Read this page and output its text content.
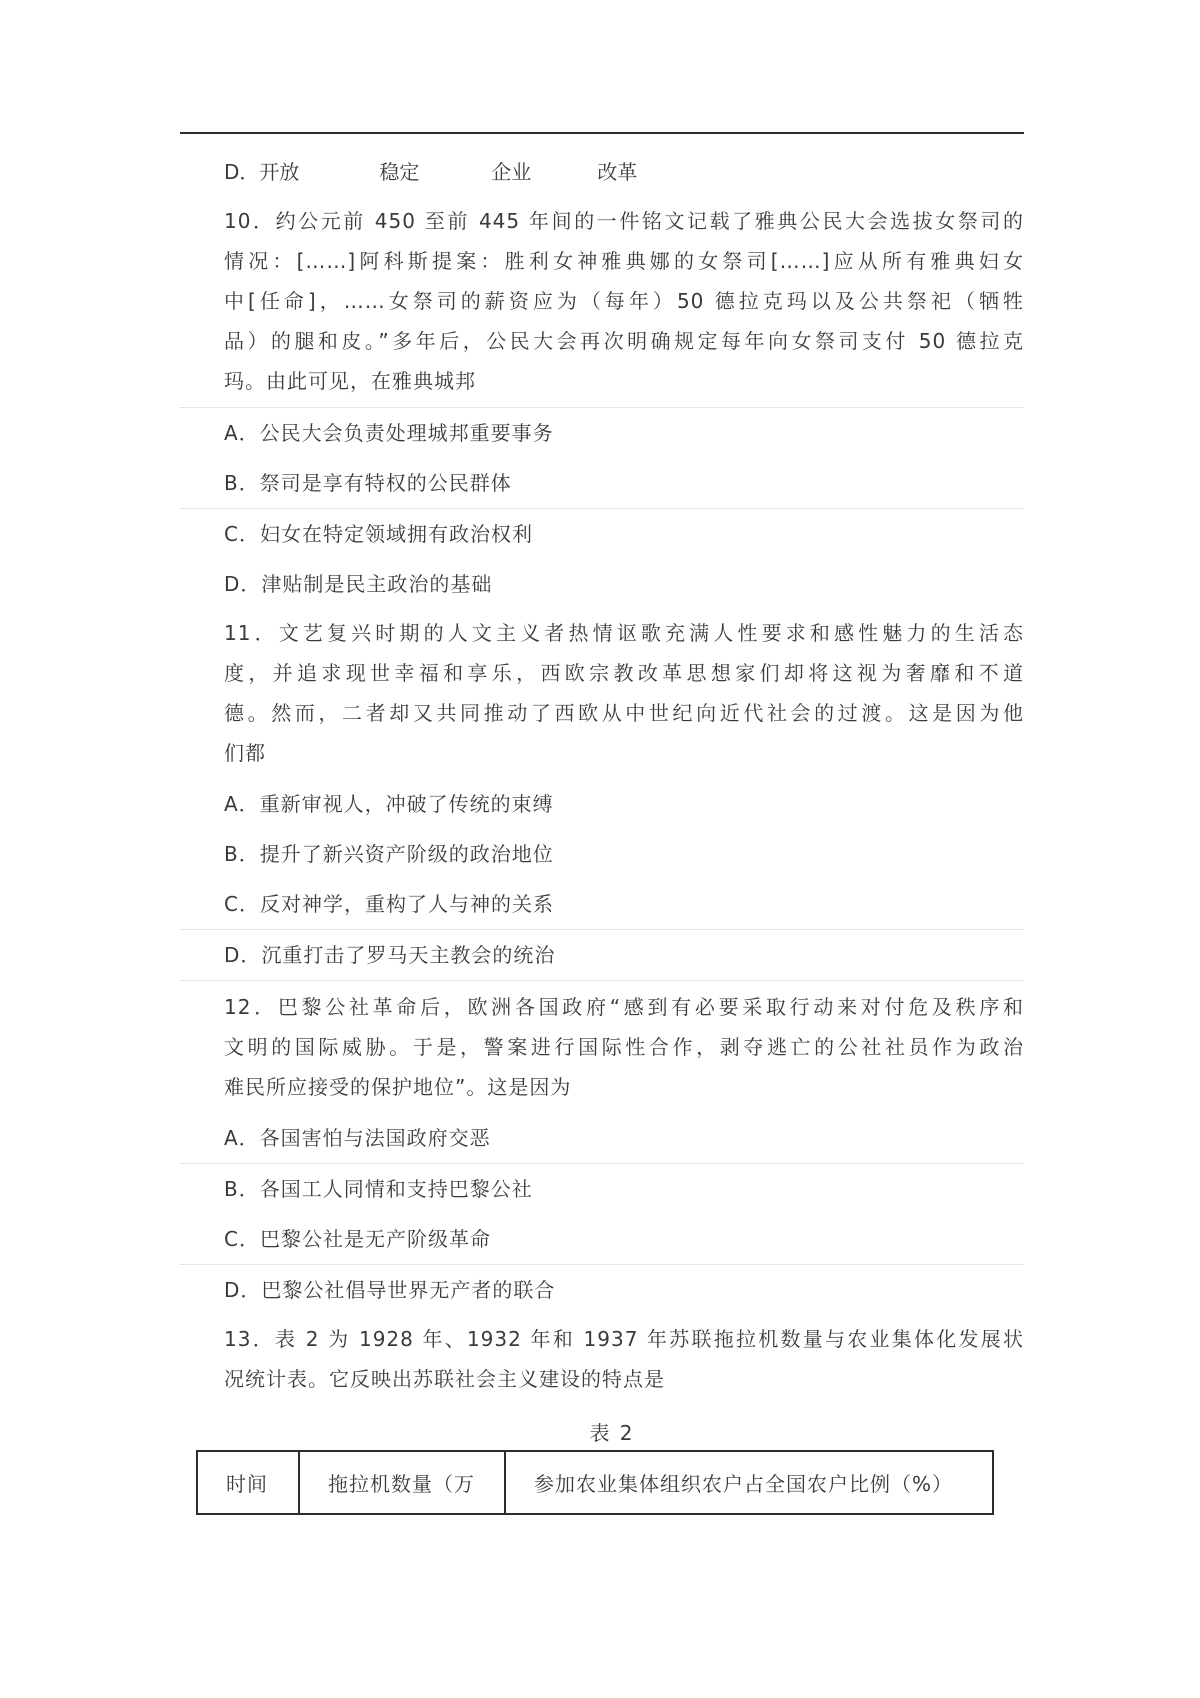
D． 开放	稳定	企业	改革
10．约公元前 450 至前 445 年间的一件铭文记载了雅典公民大会选拔女祭司的
情况：[……]阿科斯提案：胜利女神雅典娜的女祭司[……]应从所有雅典妇女
中[任命]，……女祭司的薪资应为（每年）50 德拉克玛以及公共祭祀（牺牲
品）的腿和皮。”多年后，公民大会再次明确规定每年向女祭司支付 50 德拉克
玛。由此可见，在雅典城邦
A．公民大会负责处理城邦重要事务
B．祭司是享有特权的公民群体
C．妇女在特定领域拥有政治权利
D．津贴制是民主政治的基础
11．文艺复兴时期的人文主义者热情讴歌充满人性要求和感性魅力的生活态
度，并追求现世幸福和享乐，西欧宗教改革思想家们却将这视为奢靡和不道
德。然而，二者却又共同推动了西欧从中世纪向近代社会的过渡。这是因为他
们都
A．重新审视人，冲破了传统的束缚
B．提升了新兴资产阶级的政治地位
C．反对神学，重构了人与神的关系
D．沉重打击了罗马天主教会的统治
12．巴黎公社革命后，欧洲各国政府“感到有必要采取行动来对付危及秩序和
文明的国际威胁。于是，警案进行国际性合作，剥夺逃亡的公社社员作为政治
难民所应接受的保护地位”。这是因为
A．各国害怕与法国政府交恶
B．各国工人同情和支持巴黎公社
C．巴黎公社是无产阶级革命
D．巴黎公社倡导世界无产者的联合
13．表 2 为 1928 年、1932 年和 1937 年苏联拖拉机数量与农业集体化发展状
况统计表。它反映出苏联社会主义建设的特点是
表 2
时间	拖拉机数量（万	参加农业集体组织农户占全国农户比例（%）
